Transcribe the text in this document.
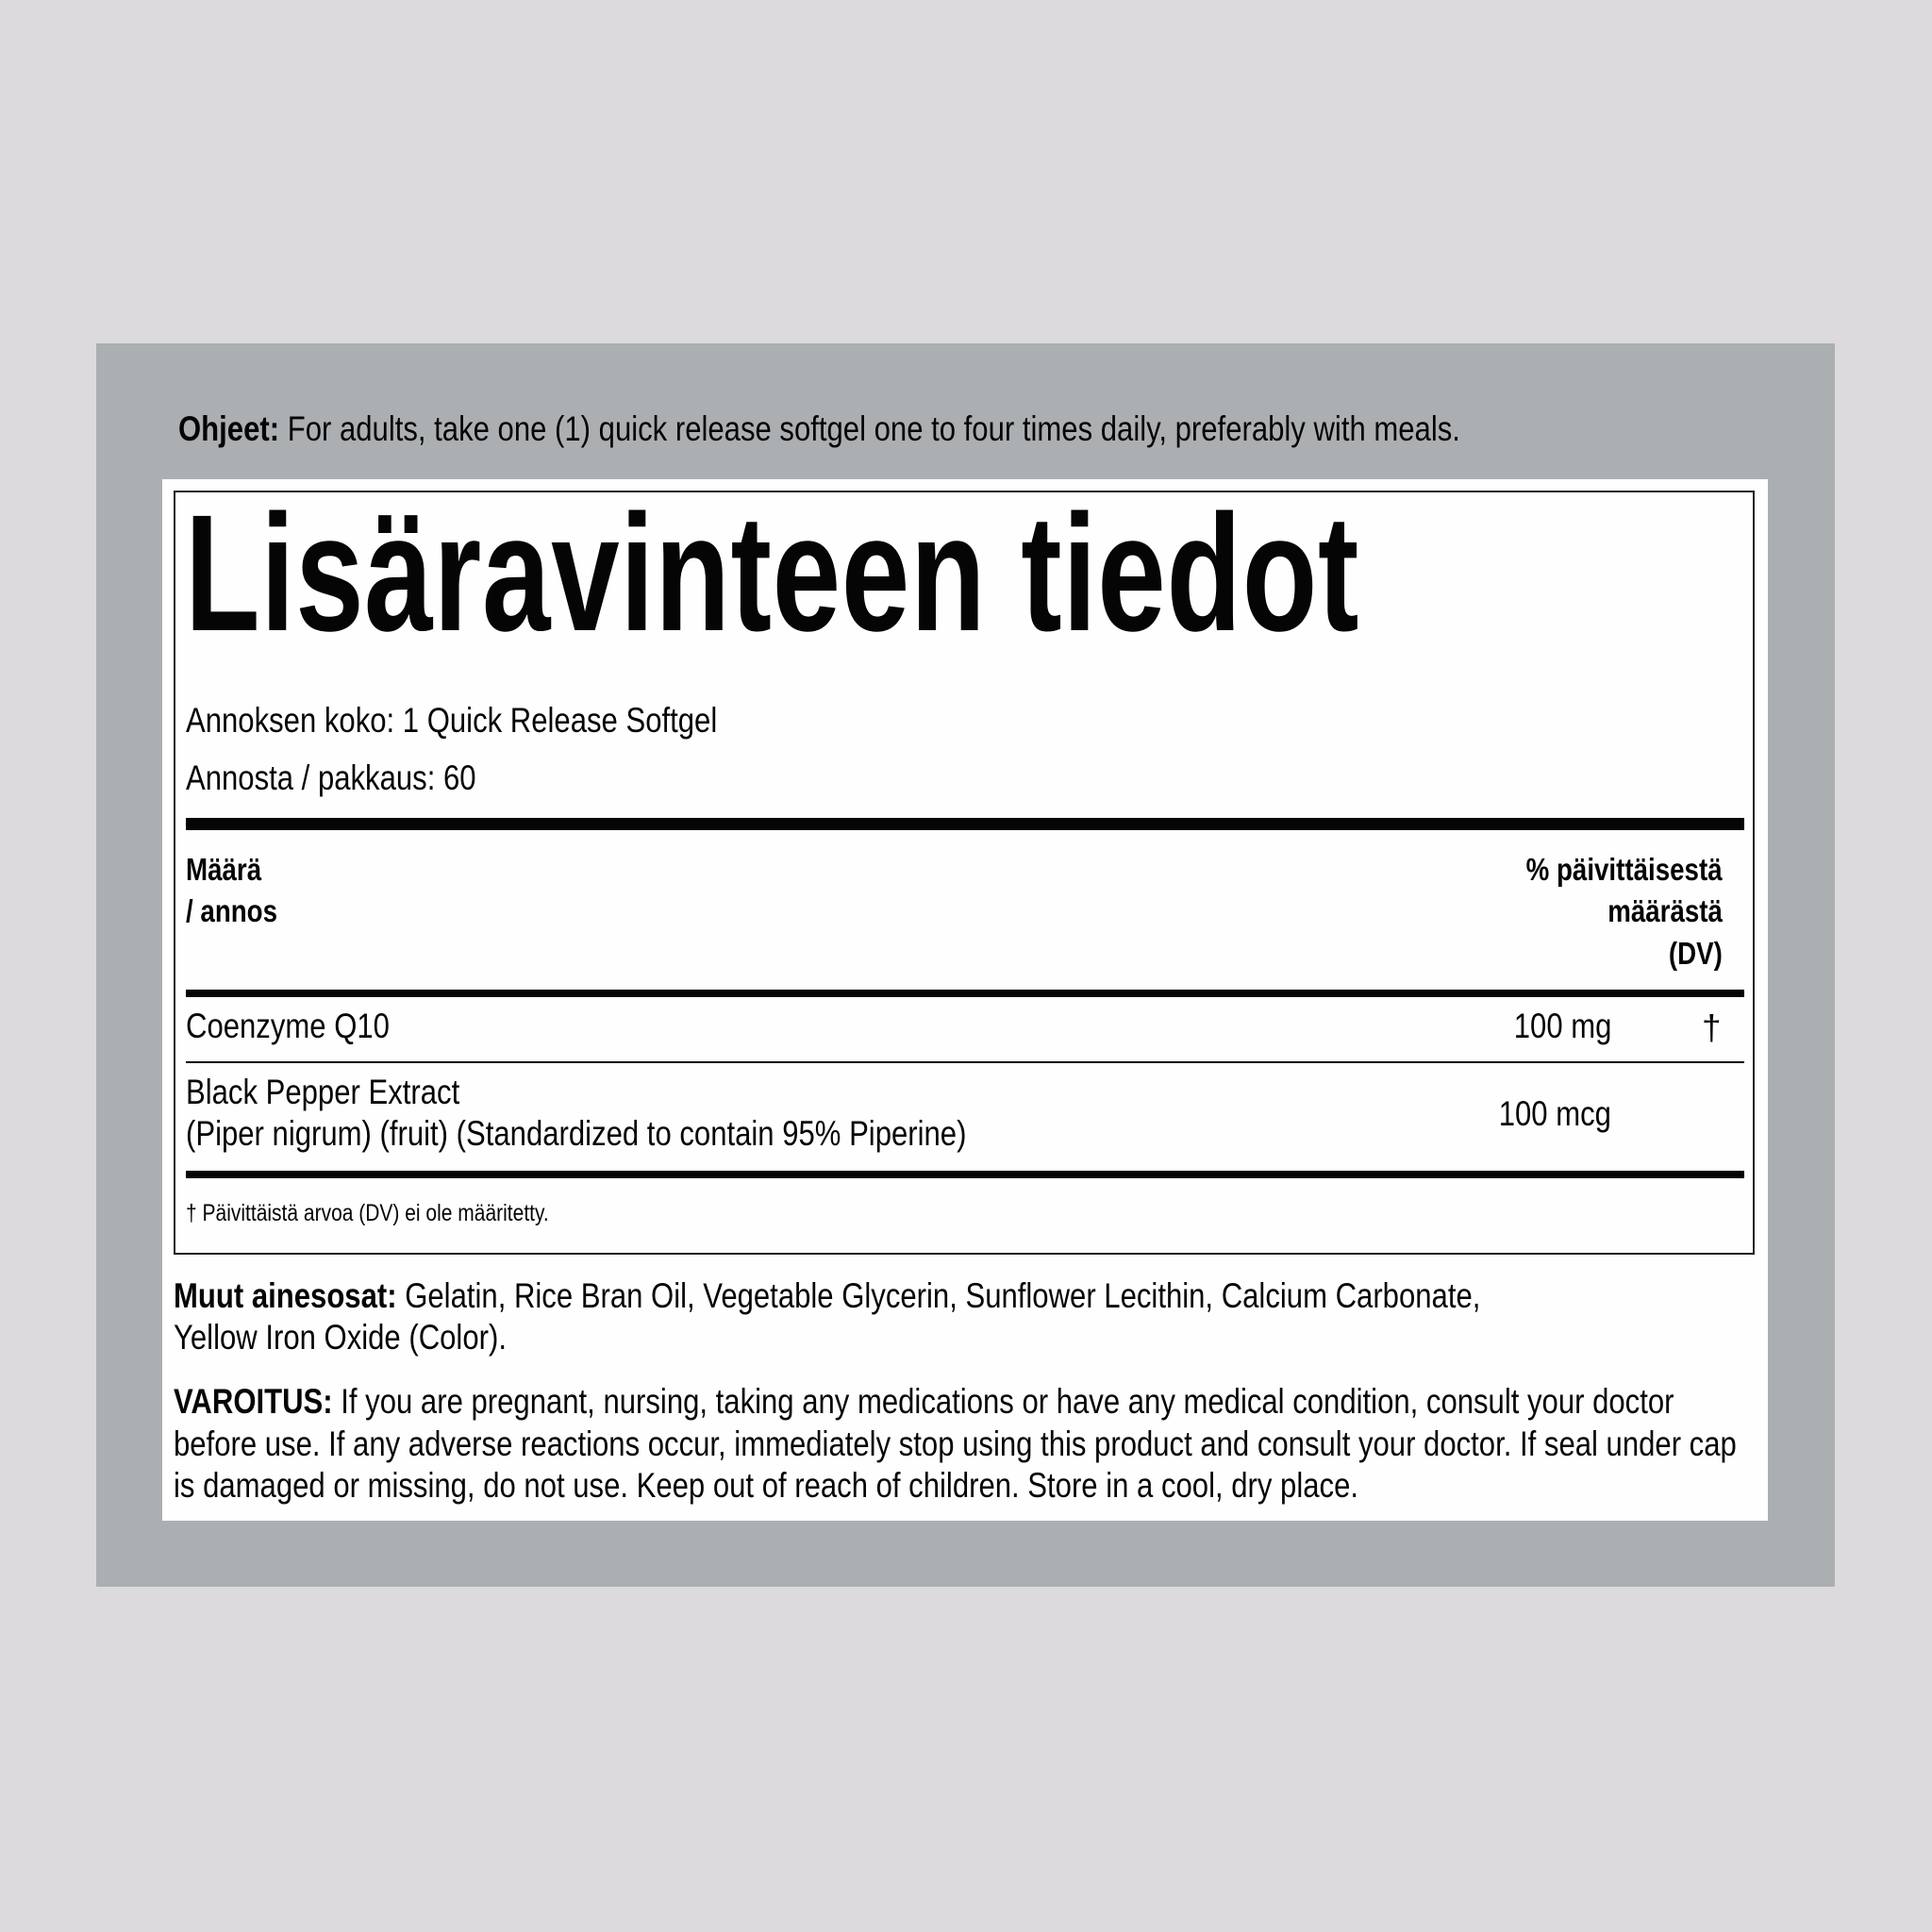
Ohjeet: For adults, take one (1) quick release softgel one to four times daily, preferably with meals.
Lisäravinteen tiedot
Annoksen koko: 1 Quick Release Softgel
Annosta / pakkaus: 60
Määrä
/ annos
% päivittäisestä
määrästä
(DV)
Coenzyme Q10	100 mg	†
Black Pepper Extract
(Piper nigrum) (fruit) (Standardized to contain 95% Piperine)
100 mcg
† Päivittäistä arvoa (DV) ei ole määritetty.
Muut ainesosat: Gelatin, Rice Bran Oil, Vegetable Glycerin, Sunflower Lecithin, Calcium Carbonate,
Yellow Iron Oxide (Color).
VAROITUS: If you are pregnant, nursing, taking any medications or have any medical condition, consult your doctor
before use. If any adverse reactions occur, immediately stop using this product and consult your doctor. If seal under cap
is damaged or missing, do not use. Keep out of reach of children. Store in a cool, dry place.
